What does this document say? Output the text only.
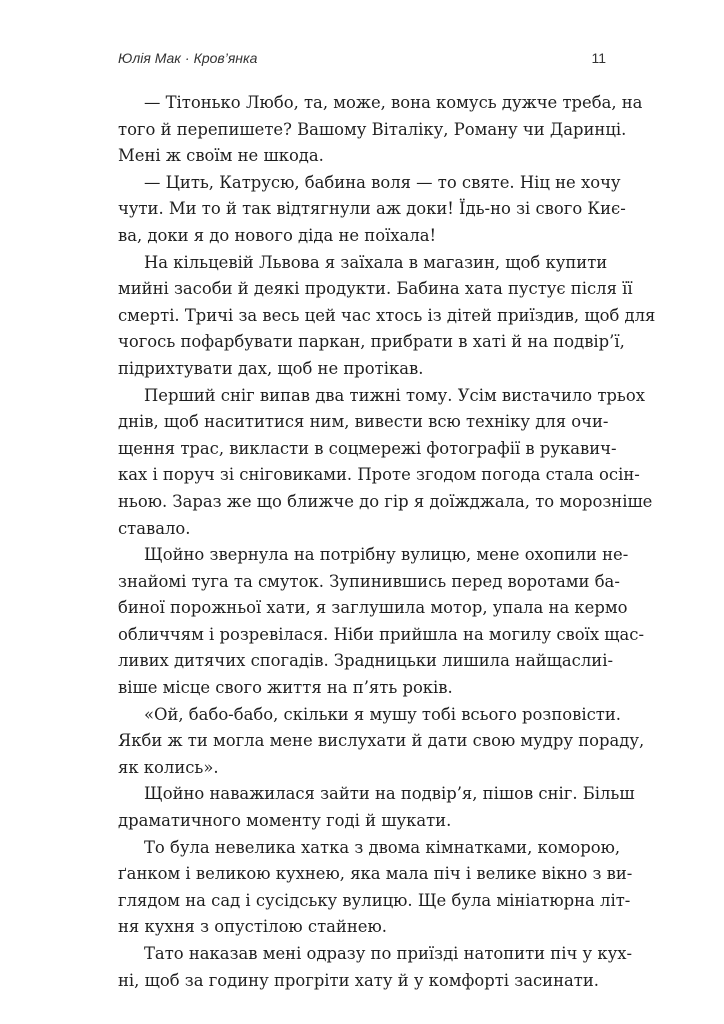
Юлія Мак · Кров’янка	11
— Тітонько Любо, та, може, вона комусь дужче треба, на
того й перепишете? Вашому Віталіку, Роману чи Даринці.
Мені ж своїм не шкода.
— Цить, Катрусю, бабина воля — то святе. Ніц не хочу
чути. Ми то й так відтягнули аж доки! Їдь-но зі свого Киє-
ва, доки я до нового діда не поїхала!
На кільцевій Львова я заїхала в магазин, щоб купити
мийні засоби й деякі продукти. Бабина хата пустує після її
смерті. Тричі за весь цей час хтось із дітей приїздив, щоб для
чогось пофарбувати паркан, прибрати в хаті й на подвір’ї,
підрихтувати дах, щоб не протікав.
Перший сніг випав два тижні тому. Усім вистачило трьох
днів, щоб насититися ним, вивести всю техніку для очи-
щення трас, викласти в соцмережі фотографії в рукавич-
ках і поруч зі сніговиками. Проте згодом погода стала осін-
ньою. Зараз же що ближче до гір я доїжджала, то морозніше
ставало.
Щойно звернула на потрібну вулицю, мене охопили не-
знайомі туга та смуток. Зупинившись перед воротами ба-
биної порожньої хати, я заглушила мотор, упала на кермо
обличчям і розревілася. Ніби прийшла на могилу своїх щас-
ливих дитячих спогадів. Зрадницьки лишила найщаслиі-
віше місце свого життя на п’ять років.
«Ой, бабо-бабо, скільки я мушу тобі всього розповісти.
Якби ж ти могла мене вислухати й дати свою мудру пораду,
як колись».
Щойно наважилася зайти на подвір’я, пішов сніг. Більш
драматичного моменту годі й шукати.
То була невелика хатка з двома кімнатками, коморою,
ґанком і великою кухнею, яка мала піч і велике вікно з ви-
глядом на сад і сусідську вулицю. Ще була мініатюрна літ-
ня кухня з опустілою стайнею.
Тато наказав мені одразу по приїзді натопити піч у кух-
ні, щоб за годину прогріти хату й у комфорті засинати.
